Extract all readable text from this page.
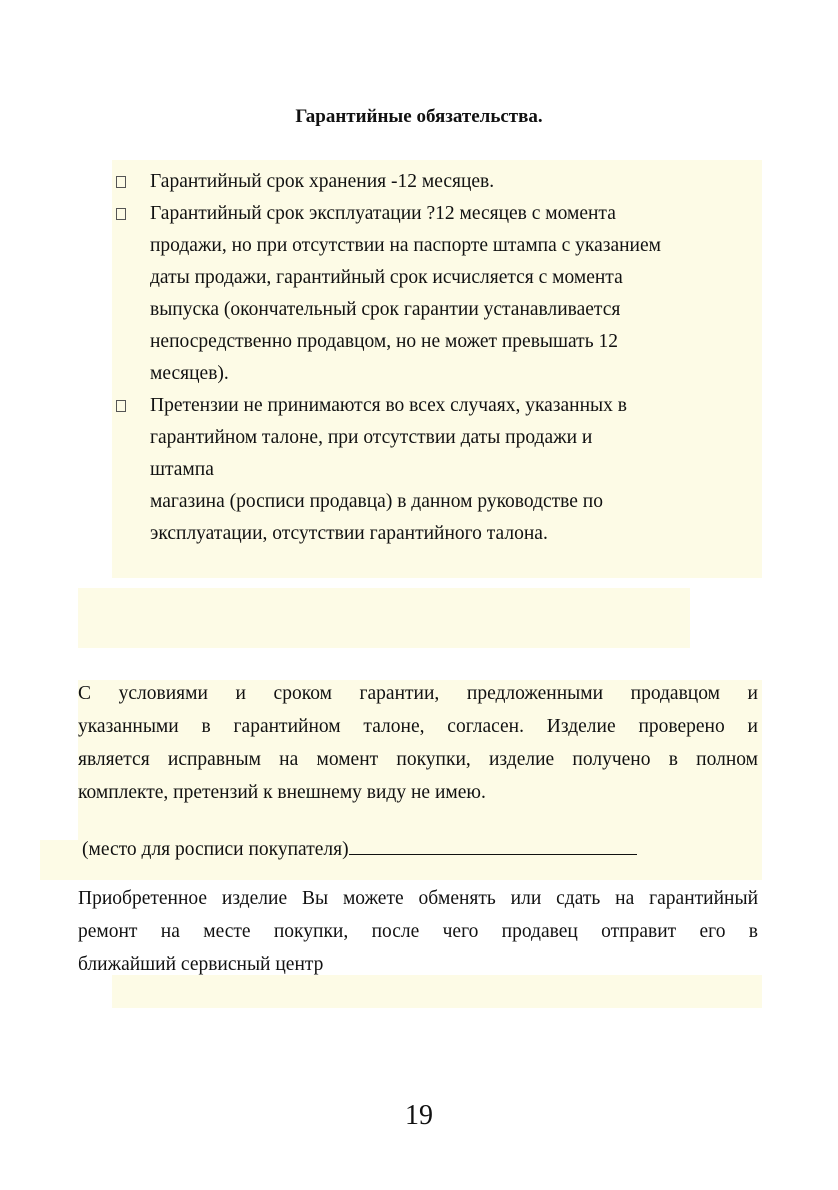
Гарантийные обязательства.
Гарантийный срок хранения -12 месяцев.
Гарантийный срок эксплуатации ?12 месяцев с момента
продажи, но при отсутствии на паспорте штампа с указанием
даты продажи, гарантийный срок исчисляется с момента
выпуска (окончательный срок гарантии устанавливается
непосредственно продавцом, но не может превышать 12
месяцев).
Претензии не принимаются во всех случаях, указанных в
гарантийном талоне, при отсутствии даты продажи и
штампа
магазина (росписи продавца) в данном руководстве по
эксплуатации, отсутствии гарантийного талона.
С условиями и сроком гарантии, предложенными продавцом и
указанными в гарантийном талоне, согласен. Изделие проверено и
является исправным на момент покупки, изделие получено в полном
комплекте, претензий к внешнему виду не имею.
(место для росписи покупателя)
Приобретенное изделие Вы можете обменять или сдать на гарантийный
ремонт на месте покупки, после чего продавец отправит его в
ближайший сервисный центр
19
